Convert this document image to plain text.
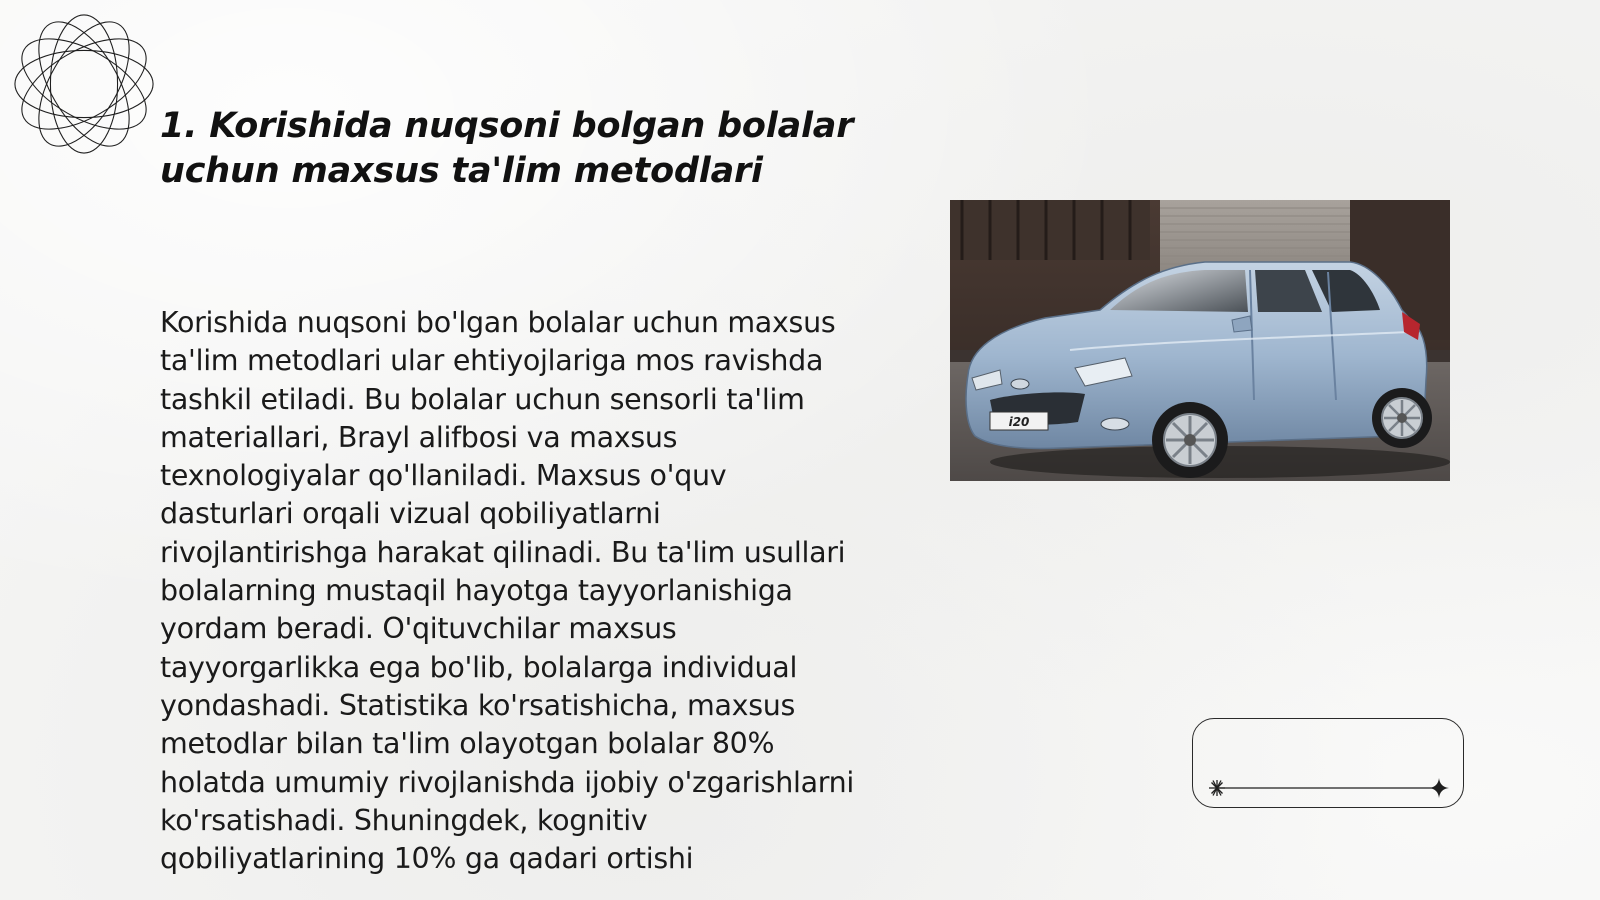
1. Korishida nuqsoni bolgan bolalar uchun maxsus ta'lim metodlari

Korishida nuqsoni bo'lgan bolalar uchun maxsus ta'lim metodlari ular ehtiyojlariga mos ravishda tashkil etiladi. Bu bolalar uchun sensorli ta'lim materiallari, Brayl alifbosi va maxsus texnologiyalar qo'llaniladi. Maxsus o'quv dasturlari orqali vizual qobiliyatlarni rivojlantirishga harakat qilinadi. Bu ta'lim usullari bolalarning mustaqil hayotga tayyorlanishiga yordam beradi. O'qituvchilar maxsus tayyorgarlikka ega bo'lib, bolalarga individual yondashadi. Statistika ko'rsatishicha, maxsus metodlar bilan ta'lim olayotgan bolalar 80% holatda umumiy rivojlanishda ijobiy o'zgarishlarni ko'rsatishadi. Shuningdek, kognitiv qobiliyatlarining 10% ga qadari ortishi

i20
